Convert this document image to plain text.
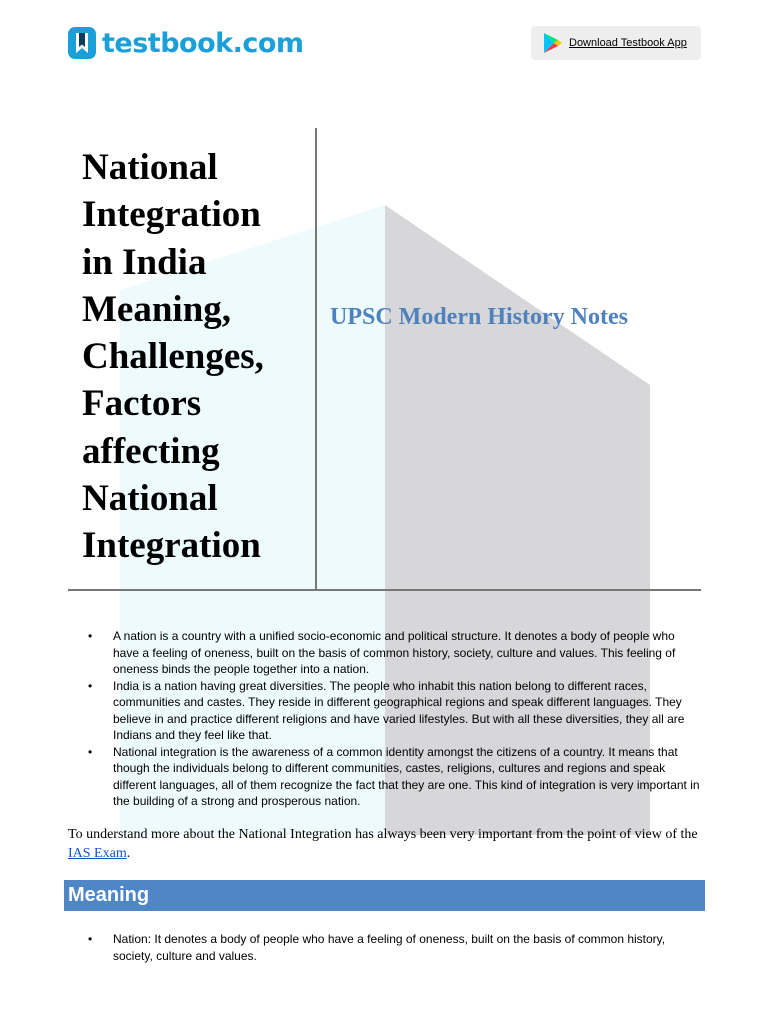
testbook.com	Download Testbook App
National
Integration
in India
Meaning,
Challenges,
Factors
affecting
National
Integration
UPSC Modern History Notes
• A nation is a country with a unified socio-economic and political structure. It denotes a body of people who have a feeling of oneness, built on the basis of common history, society, culture and values. This feeling of oneness binds the people together into a nation.
• India is a nation having great diversities. The people who inhabit this nation belong to different races, communities and castes. They reside in different geographical regions and speak different languages. They believe in and practice different religions and have varied lifestyles. But with all these diversities, they all are Indians and they feel like that.
• National integration is the awareness of a common identity amongst the citizens of a country. It means that though the individuals belong to different communities, castes, religions, cultures and regions and speak different languages, all of them recognize the fact that they are one. This kind of integration is very important in the building of a strong and prosperous nation.
To understand more about the National Integration has always been very important from the point of view of the IAS Exam.
Meaning
• Nation: It denotes a body of people who have a feeling of oneness, built on the basis of common history, society, culture and values.
